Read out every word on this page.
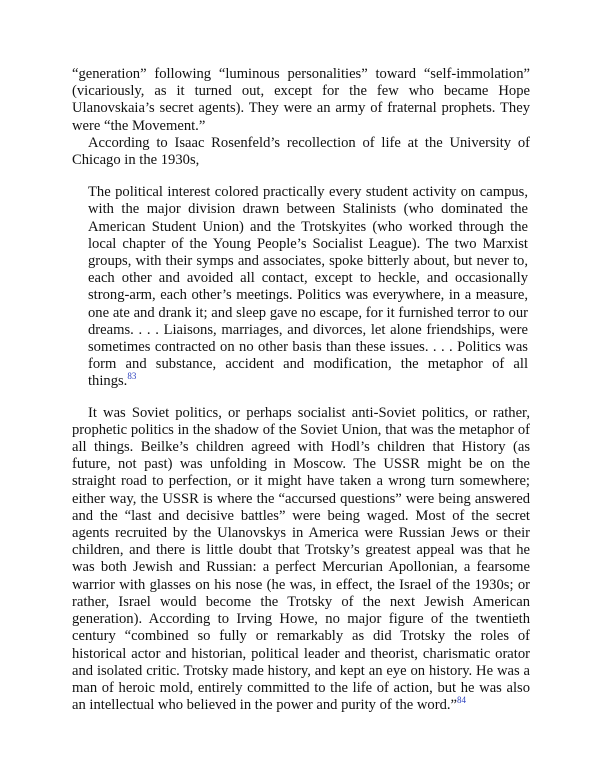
“generation” following “luminous personalities” toward “self-immolation” (vicariously, as it turned out, except for the few who became Hope Ulanovskaia’s secret agents). They were an army of fraternal prophets. They were “the Movement.”

According to Isaac Rosenfeld’s recollection of life at the University of Chicago in the 1930s,

The political interest colored practically every student activity on campus, with the major division drawn between Stalinists (who dominated the American Student Union) and the Trotskyites (who worked through the local chapter of the Young People’s Socialist League). The two Marxist groups, with their symps and associates, spoke bitterly about, but never to, each other and avoided all contact, except to heckle, and occasionally strong-arm, each other’s meetings. Politics was everywhere, in a measure, one ate and drank it; and sleep gave no escape, for it furnished terror to our dreams. . . . Liaisons, marriages, and divorces, let alone friendships, were sometimes contracted on no other basis than these issues. . . . Politics was form and substance, accident and modification, the metaphor of all things.$^{83}$

It was Soviet politics, or perhaps socialist anti-Soviet politics, or rather, prophetic politics in the shadow of the Soviet Union, that was the metaphor of all things. Beilke’s children agreed with Hodl’s children that History (as future, not past) was unfolding in Moscow. The USSR might be on the straight road to perfection, or it might have taken a wrong turn somewhere; either way, the USSR is where the “accursed questions” were being answered and the “last and decisive battles” were being waged. Most of the secret agents recruited by the Ulanovskys in America were Russian Jews or their children, and there is little doubt that Trotsky’s greatest appeal was that he was both Jewish and Russian: a perfect Mercurian Apollonian, a fearsome warrior with glasses on his nose (he was, in effect, the Israel of the 1930s; or rather, Israel would become the Trotsky of the next Jewish American generation). According to Irving Howe, no major figure of the twentieth century “combined so fully or remarkably as did Trotsky the roles of historical actor and historian, political leader and theorist, charismatic orator and isolated critic. Trotsky made history, and kept an eye on history. He was a man of heroic mold, entirely committed to the life of action, but he was also an intellectual who believed in the power and purity of the word.”$^{84}$
